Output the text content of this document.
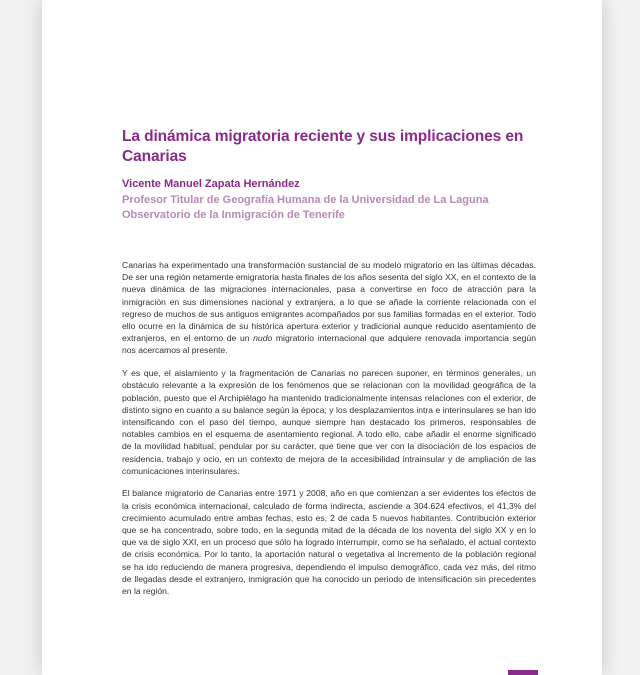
La dinámica migratoria reciente y sus implicaciones en Canarias
Vicente Manuel Zapata Hernández
Profesor Titular de Geografía Humana de la Universidad de La Laguna
Observatorio de la Inmigración de Tenerife

Canarias ha experimentado una transformación sustancial de su modelo migratorio en las últimas décadas. De ser una región netamente emigratoria hasta finales de los años sesenta del siglo XX, en el contexto de la nueva dinámica de las migraciones internacionales, pasa a convertirse en foco de atracción para la inmigración en sus dimensiones nacional y extranjera, a lo que se añade la corriente relacionada con el regreso de muchos de sus antiguos emigrantes acompañados por sus familias formadas en el exterior. Todo ello ocurre en la dinámica de su histórica apertura exterior y tradicional aunque reducido asentamiento de extranjeros, en el entorno de un nudo migratorio internacional que adquiere renovada importancia según nos acercamos al presente.

Y es que, el aislamiento y la fragmentación de Canarias no parecen suponer, en términos generales, un obstáculo relevante a la expresión de los fenómenos que se relacionan con la movilidad geográfica de la población, puesto que el Archipiélago ha mantenido tradicionalmente intensas relaciones con el exterior, de distinto signo en cuanto a su balance según la época; y los desplazamientos intra e interinsulares se han ido intensificando con el paso del tiempo, aunque siempre han destacado los primeros, responsables de notables cambios en el esquema de asentamiento regional. A todo ello, cabe añadir el enorme significado de la movilidad habitual, pendular por su carácter, que tiene que ver con la disociación de los espacios de residencia, trabajo y ocio, en un contexto de mejora de la accesibilidad intrainsular y de ampliación de las comunicaciones interinsulares.

El balance migratorio de Canarias entre 1971 y 2008, año en que comienzan a ser evidentes los efectos de la crisis económica internacional, calculado de forma indirecta, asciende a 304.624 efectivos, el 41,3% del crecimiento acumulado entre ambas fechas, esto es, 2 de cada 5 nuevos habitantes. Contribución exterior que se ha concentrado, sobre todo, en la segunda mitad de la década de los noventa del siglo XX y en lo que va de siglo XXI, en un proceso que sólo ha logrado interrumpir, como se ha señalado, el actual contexto de crisis económica. Por lo tanto, la aportación natural o vegetativa al incremento de la población regional se ha ido reduciendo de manera progresiva, dependiendo el impulso demográfico, cada vez más, del ritmo de llegadas desde el extranjero, inmigración que ha conocido un periodo de intensificación sin precedentes en la región.
